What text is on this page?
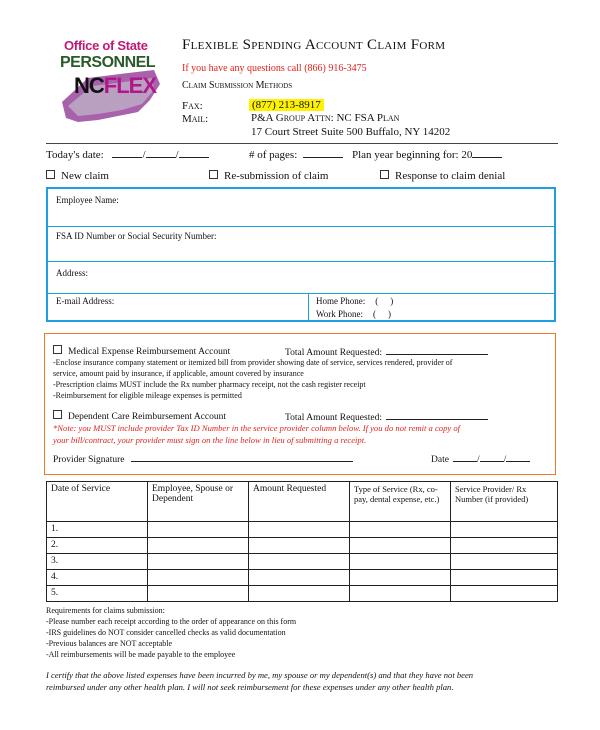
Office of State
PERSONNEL
NCFLEX
Flexible Spending Account Claim Form
If you have any questions call (866) 916-3475
Claim Submission Methods
Fax:	(877) 213-8917
Mail:	P&A Group Attn: NC FSA Plan
17 Court Street Suite 500 Buffalo, NY 14202
Today's date:	/	/	# of pages:	Plan year beginning for: 20
New claim	Re-submission of claim	Response to claim denial
Employee Name:
FSA ID Number or Social Security Number:
Address:
E-mail Address:	Home Phone: ( )
Work Phone: ( )
Medical Expense Reimbursement Account	Total Amount Requested:
-Enclose insurance company statement or itemized bill from provider showing date of service, services rendered, provider of
service, amount paid by insurance, if applicable, amount covered by insurance
-Prescription claims MUST include the Rx number pharmacy receipt, not the cash register receipt
-Reimbursement for eligible mileage expenses is permitted
Dependent Care Reimbursement Account	Total Amount Requested:
*Note: you MUST include provider Tax ID Number in the service provider column below. If you do not remit a copy of
your bill/contract, your provider must sign on the line below in lieu of submitting a receipt.
Provider Signature	Date	/	/
Date of Service	Employee, Spouse or Dependent	Amount Requested	Type of Service (Rx, co-pay, dental expense, etc.)	Service Provider/ Rx Number (if provided)
1.				
2.				
3.				
4.				
5.				
Requirements for claims submission:
-Please number each receipt according to the order of appearance on this form
-IRS guidelines do NOT consider cancelled checks as valid documentation
-Previous balances are NOT acceptable
-All reimbursements will be made payable to the employee
I certify that the above listed expenses have been incurred by me, my spouse or my dependent(s) and that they have not been
reimbursed under any other health plan. I will not seek reimbursement for these expenses under any other health plan.
